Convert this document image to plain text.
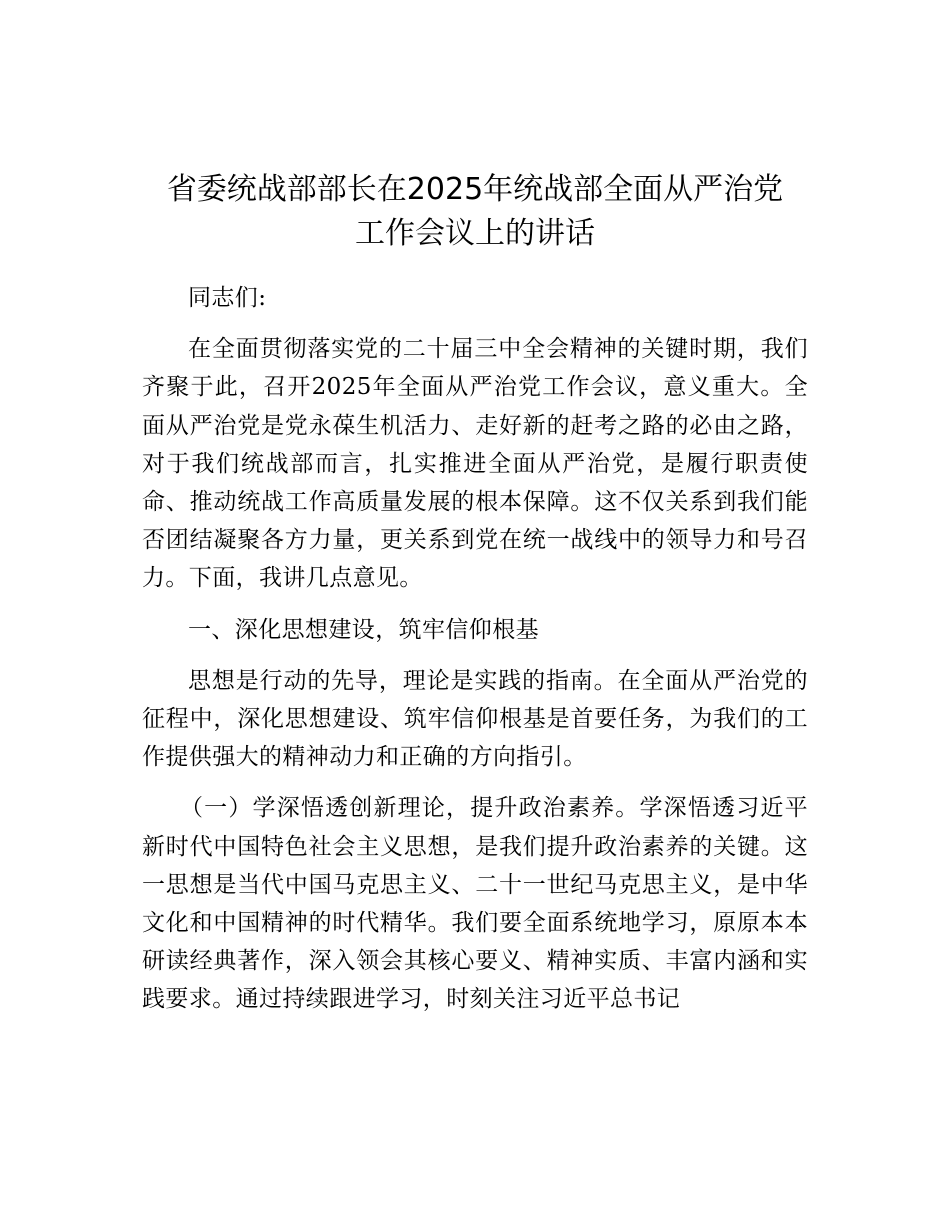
省委统战部部长在2025年统战部全面从严治党
工作会议上的讲话

同志们:

在全面贯彻落实党的二十届三中全会精神的关键时期，我们齐聚于此，召开2025年全面从严治党工作会议，意义重大。全面从严治党是党永葆生机活力、走好新的赶考之路的必由之路，对于我们统战部而言，扎实推进全面从严治党，是履行职责使命、推动统战工作高质量发展的根本保障。这不仅关系到我们能否团结凝聚各方力量，更关系到党在统一战线中的领导力和号召力。下面，我讲几点意见。

一、深化思想建设，筑牢信仰根基

思想是行动的先导，理论是实践的指南。在全面从严治党的征程中，深化思想建设、筑牢信仰根基是首要任务，为我们的工作提供强大的精神动力和正确的方向指引。

（一）学深悟透创新理论，提升政治素养。学深悟透习近平新时代中国特色社会主义思想，是我们提升政治素养的关键。这一思想是当代中国马克思主义、二十一世纪马克思主义，是中华文化和中国精神的时代精华。我们要全面系统地学习，原原本本研读经典著作，深入领会其核心要义、精神实质、丰富内涵和实践要求。通过持续跟进学习，时刻关注习近平总书记
